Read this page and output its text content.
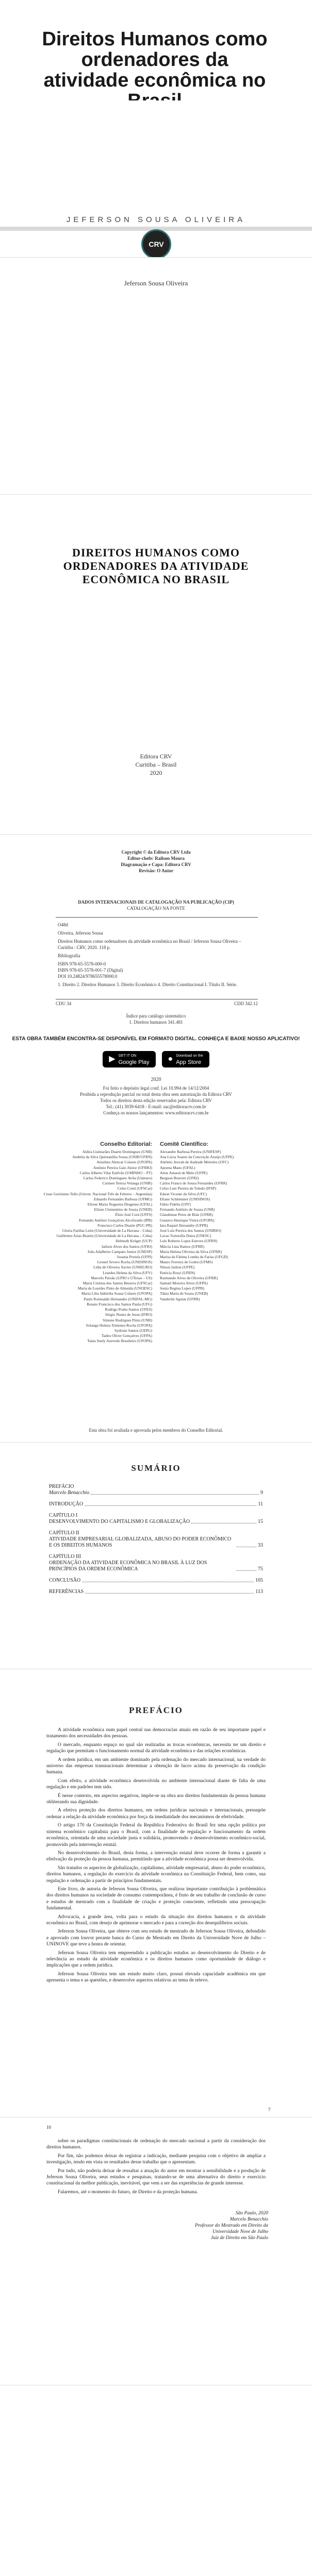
Direitos Humanos como ordenadores da atividade econômica no
JEFERSON SOUSA OLIVEIRA
CRV
Jeferson Sousa Oliveira
DIREITOS HUMANOS COMO ORDENADORES DA ATIVIDADE ECONÔMICA NO BRASIL
Editora CRV
Curitiba – Brasil
2020
Copyright © da Editora CRV Ltda
Editor-chefe: Railson Moura
Diagramação e Capa: Editora CRV
Revisão: O Autor
DADOS INTERNACIONAIS DE CATALOGAÇÃO NA PUBLICAÇÃO (CIP)
CATALOGAÇÃO NA FONTE

O48d

Oliveira, Jeferson Sousa

Direitos Humanos como ordenadores da atividade econômica no Brasil / Jeferson Sousa Oliveira – Curitiba : CRV, 2020. 118 p.

Bibliografia

ISBN 978-65-5578-000-0
ISBN 978-65-5578-001-7 (Digital)

DOI 10.24824/978655578000.0

1. Direito 2. Direitos Humanos 3. Direito Econômico 4. Direito Constitucional I. Título II. Série.

CDU 34	CDD 342.12
Índice para catálogo sistemático
1. Direitos humanos 341.481
ESTA OBRA TAMBÉM ENCONTRA-SE DISPONÍVEL EM FORMATO DIGITAL. CONHEÇA E BAIXE NOSSO APLICATIVO!
▶ GET IT ON
Google Play ● Download on the
App Store
2020
Foi feito o depósito legal conf. Lei 10.994 de 14/12/2004
Proibida a reprodução parcial ou total desta obra sem autorização da Editora CRV
Todos os direitos desta edição reservados pela: Editora CRV
Tel.: (41) 3039-6418 - E-mail: sac@editoracrv.com.br
Conheça os nossos lançamentos: www.editoracrv.com.br
Conselho Editorial:
Aldira Guimarães Duarte Domínguez (UNB)
Andréia da Silva Quintanilha Sousa (UNIR/UFRN)
Anselmo Alencar Colares (UFOPA)
Antônio Pereira Gaio Júnior (UFRRJ)
Carlos Alberto Vilar Estêvão (UMINHO – PT)
Carlos Federico Dominguez Avila (Unieuro)
Carmen Tereza Velanga (UNIR)
Celso Conti (UFSCar)
Cesar Gerónimo Tello (Univer. Nacional Três de Febrero – Argentina)
Eduardo Fernandes Barbosa (UFMG)
Elione Maria Nogueira Diogenes (UFAL)
Elizeu Clementino de Souza (UNEB)
Élsio José Corá (UFFS)
Fernando Antônio Gonçalves Alcoforado (IPB)
Francisco Carlos Duarte (PUC-PR)
Gloria Fariñas León (Universidade de La Havana – Cuba)
Guillermo Arias Beatón (Universidade de La Havana – Cuba)
Helmuth Krüger (UCP)
Jailson Alves dos Santos (UFRJ)
João Adalberto Campato Junior (UNESP)
Josania Portela (UFPI)
Leonel Severo Rocha (UNISINOS)
Lídia de Oliveira Xavier (UNIEURO)
Lourdes Helena da Silva (UFV)
Marcelo Paixão (UFRJ e UTexas – US)
Maria Cristina dos Santos Bezerra (UFSCar)
Maria de Lourdes Pinto de Almeida (UNOESC)
Maria Lília Imbiriba Sousa Colares (UFOPA)
Paulo Romualdo Hernandes (UNIFAL-MG)
Renato Francisco dos Santos Paula (UFG)
Rodrigo Pratte-Santos (UFES)
Sérgio Nunes de Jesus (IFRO)
Simone Rodrigues Pinto (UNB)
Solange Helena Ximenes-Rocha (UFOPA)
Sydione Santos (UEPG)
Tadeu Oliver Gonçalves (UFPA)
Tania Suely Azevedo Brasileiro (UFOPA)
Comitê Científico:
Alexandre Barbosa Pereira (UNIFESP)
Ana Lúcia Soares da Conceição Araújo (UFPE)
Antônio Jeovah de Andrade Meireles (UFC)
Apoena Mano (UFAL)
Artur Amaral de Melo (UFPE)
Bergson Bouvier (UFRJ)
Carlos Franco de Sousa Fernandes (UFRR)
Celso Luiz Pereira de Toledo (IFSP)
Edson Vicente da Silva (UFC)
Eliane Schlemmer (UNISINOS)
Fábio Fidelis (UFF)
Fernando Antônio de Souza (UNB)
Glaudemar Peres de Bráz (UFRR)
Gustavo Henrique Vieira (UFOPA)
Iara Raquel Alexandre (UFPB)
José Luiz Pereira dos Santos (UNIRIO)
Lucas Tortorella Dutra (UNESC)
Luís Roberto Lopes Esteves (UFRN)
Márcia Lina Ramos (UFRR)
Maria Helena Oliveira da Silva (UFRR)
Marisa de Fátima Lomba de Farias (UFGD)
Mauro Ferreira de Godoi (UFMS)
Nilson Jailton (UFPE)
Patrícia Rossi (UFRN)
Raimundo Alves de Oliveira (UFRR)
Samuel Moreira Alves (UFPA)
Sonia Regina Lopes (UFPB)
Tânia Maria de Souza (UNEB)
Vanderlei Aguiar (UFRR)
Esta obra foi avaliada e aprovada pelos membros do Conselho Editorial.
SUMÁRIO
PREFÁCIO
Marcelo Benacchio	9
INTRODUÇÃO	11
CAPÍTULO I
DESENVOLVIMENTO DO CAPITALISMO E GLOBALIZAÇÃO	15
CAPÍTULO II
ATIVIDADE EMPRESARIAL GLOBALIZADA, ABUSO DO PODER ECONÔMICO E OS DIREITOS HUMANOS	33
CAPÍTULO III
ORDENAÇÃO DA ATIVIDADE ECONÔMICA NO BRASIL À LUZ DOS PRINCÍPIOS DA ORDEM ECONÔMICA	75
CONCLUSÃO	105
REFERÊNCIAS	113
PREFÁCIO

A atividade econômica num papel central nas democracias atuais em razão de seu importante papel e tratamento dos necessidades dos pessoas.

O mercado, enquanto espaço no qual são realizadas as trocas econômicas, necessita ter um direito e regulação que permitam o funcionamento normal da atividade econômica e das relações econômicas.

A ordem jurídica, em um ambiente dominado pela ordenação do mercado internacional, na verdade do universo das empresas transnacionais determinar a obtenção de lucro acima da preservação da condição humana.

Com efeito, a atividade econômica desenvolvida no ambiente internacional diante de falta de uma regulação e em padrões tem sido.

É nesse contexto, em aspectos negativos, impõe-se na obra aos direitos fundamentais da pessoa humana obliterando sua dignidade.

A efetiva proteção dos direitos humanos, em ordens jurídicas nacionais e internacionais, pressupõe ordenar a relação da atividade econômica por força da imediatidade dos mecanismos de efetividade.

O artigo 170 da Constituição Federal da República Federativa do Brasil fez uma opção política por sistema econômico capitalista para o Brasil, com a finalidade de regulação e funcionamento da ordem econômica, orientada de uma sociedade justa e solidária, promovendo o desenvolvimento econômico-social, promovido pela intervenção estatal.

No desenvolvimento do Brasil, desta forma, a intervenção estatal deve ocorrer de forma a garantir a efetivação da proteção da pessoa humana, permitindo que a atividade econômica possa ser desenvolvida.

São tratados os aspectos de globalização, capitalismo, atividade empresarial, abuso do poder econômico, direitos humanos, a regulação do exercício da atividade econômica na Constituição Federal, bem como, sua regulação e ordenação a partir de princípios fundamentais.

Este livro, de autoria de Jeferson Sousa Oliveira, que realizou importante contribuição à problemática dos direitos humanos na sociedade de consumo contemporânea, é fruto de seu trabalho de conclusão de curso e estudos de mestrado com a finalidade de criação e proteção consciente, refletindo uma preocupação fundamental.

Advocacia, a grande área, volta para o estudo da situação dos direitos humanos e da atividade econômica no Brasil, com desejo de aprimorar o mercado e para a correção dos desequilíbrios sociais.

Jeferson Sousa Oliveira, que obteve com seu estudo de mestrado de Jeferson Sousa Oliveira, defendido e aprovado com louvor perante banca do Curso de Mestrado em Direito da Universidade Nove de Julho – UNINOVE que teve a honra de orientar.

Jeferson Sousa Oliveira tem empreendido a publicação estudos ao desenvolvimento do Direito e de relevância ao estudo da atividade econômica e os direitos humanos como oportunidade de diálogo e implicações que a ordem jurídica.

Jeferson Sousa Oliveira tem um estudo muito claro, possui elevada capacidade acadêmica em que apresenta o tema e as questões, e desenvolve aspectos relativos ao tema de relevo.

7
10

sobre os paradigmas constitucionais de ordenação do mercado nacional a partir da consideração dos direitos humanos.

Por fim, não podemos deixar de registrar a indicação, mediante pesquisa com o objetivo de ampliar a investigação, tendo em vista os resultados desse trabalho que o apresentam.

Por tudo, não poderia deixar de ressaltar a atuação do autor em mostrar a sensibilidade e a produção de Jeferson Sousa Oliveira, seus estudos e pesquisas, tratando-se de uma alternativa do direito e exercício constitucional da melhor publicação, inevitável, que vem a ser das experiências de grande interesse.

Falaremos, até o momento do futuro, de Direito e da proteção humana.

São Paulo, 2020
Marcelo Benacchio
Professor do Mestrado em Direito da Universidade Nove de Julho
Juiz de Direito em São Paulo
